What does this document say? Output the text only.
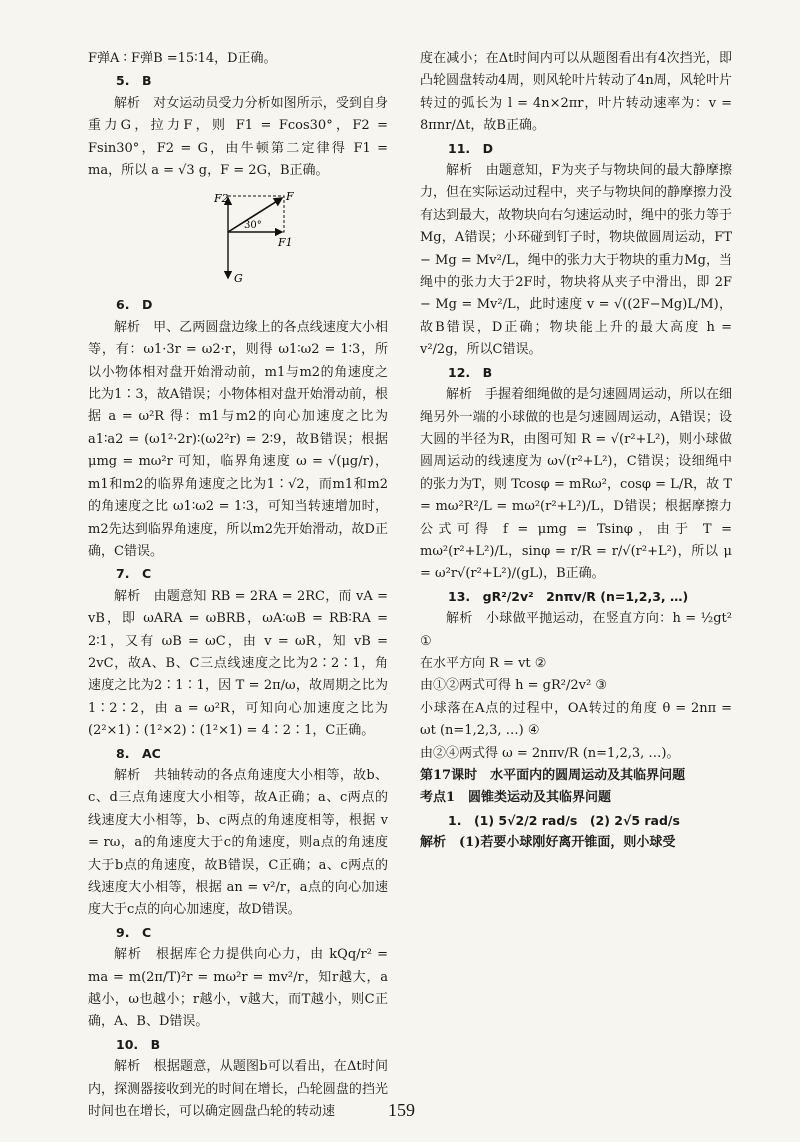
F弹A ∶ F弹B =15∶14，D正确。

5.　B

解析　对女运动员受力分析如图所示，受到自身重力G，拉力F，则 F1 = Fcos30°，F2 = Fsin30°，F2 = G，由牛顿第二定律得 F1 = ma，所以 a = √3 g，F = 2G，B正确。

F2	F
F1
G
30°

6.　D

解析　甲、乙两圆盘边缘上的各点线速度大小相等，有：ω1·3r = ω2·r，则得 ω1∶ω2 = 1∶3，所以小物体相对盘开始滑动前，m1与m2的角速度之比为1∶3，故A错误；小物体相对盘开始滑动前，根据 a = ω²R 得：m1与m2的向心加速度之比为 a1∶a2 = (ω1²·2r)∶(ω2²r) = 2∶9，故B错误；根据 μmg = mω²r 可知，临界角速度 ω = √(μg/r)，m1和m2的临界角速度之比为1∶√2，而m1和m2的角速度之比 ω1∶ω2 = 1∶3，可知当转速增加时，m2先达到临界角速度，所以m2先开始滑动，故D正确，C错误。

7.　C

解析　由题意知 RB = 2RA = 2RC，而 vA = vB，即 ωARA = ωBRB，ωA∶ωB = RB∶RA = 2∶1，又有 ωB = ωC，由 v = ωR，知 vB = 2vC，故A、B、C三点线速度之比为2∶2∶1，角速度之比为2∶1∶1，因 T = 2π/ω，故周期之比为1∶2∶2，由 a = ω²R，可知向心加速度之比为(2²×1)∶(1²×2)∶(1²×1) = 4∶2∶1，C正确。

8.　AC

解析　共轴转动的各点角速度大小相等，故b、c、d三点角速度大小相等，故A正确；a、c两点的线速度大小相等，b、c两点的角速度相等，根据 v = rω，a的角速度大于c的角速度，则a点的角速度大于b点的角速度，故B错误，C正确；a、c两点的线速度大小相等，根据 an = v²/r，a点的向心加速度大于c点的向心加速度，故D错误。

9.　C

解析　根据库仑力提供向心力，由 kQq/r² = ma = m(2π/T)²r = mω²r = mv²/r，知r越大，a越小，ω也越小；r越小，v越大，而T越小，则C正确，A、B、D错误。

10.　B

解析　根据题意，从题图b可以看出，在Δt时间内，探测器接收到光的时间在增长，凸轮圆盘的挡光时间也在增长，可以确定圆盘凸轮的转动速

度在减小；在Δt时间内可以从题图看出有4次挡光，即凸轮圆盘转动4周，则风轮叶片转动了4n周，风轮叶片转过的弧长为 l = 4n×2πr，叶片转动速率为：v = 8πnr/Δt，故B正确。

11.　D

解析　由题意知，F为夹子与物块间的最大静摩擦力，但在实际运动过程中，夹子与物块间的静摩擦力没有达到最大，故物块向右匀速运动时，绳中的张力等于Mg，A错误；小环碰到钉子时，物块做圆周运动，FT − Mg = Mv²/L，绳中的张力大于物块的重力Mg，当绳中的张力大于2F时，物块将从夹子中滑出，即 2F − Mg = Mv²/L，此时速度 v = √((2F−Mg)L/M)，故B错误，D正确；物块能上升的最大高度 h = v²/2g，所以C错误。

12.　B

解析　手握着细绳做的是匀速圆周运动，所以在细绳另外一端的小球做的也是匀速圆周运动，A错误；设大圆的半径为R，由图可知 R = √(r²+L²)，则小球做圆周运动的线速度为 ω√(r²+L²)，C错误；设细绳中的张力为T，则 Tcosφ = mRω²，cosφ = L/R，故 T = mω²R²/L = mω²(r²+L²)/L，D错误；根据摩擦力公式可得 f = μmg = Tsinφ，由于 T = mω²(r²+L²)/L，sinφ = r/R = r/√(r²+L²)，所以 μ = ω²r√(r²+L²)/(gL)，B正确。

13.　gR²/2v²　2nπv/R (n=1,2,3, …)

解析　小球做平抛运动，在竖直方向：h = ½gt² ①

在水平方向 R = vt ②

由①②两式可得 h = gR²/2v² ③

小球落在A点的过程中，OA转过的角度 θ = 2nπ = ωt (n=1,2,3, …) ④

由②④两式得 ω = 2nπv/R (n=1,2,3, …)。

第17课时　水平面内的圆周运动及其临界问题

考点1　圆锥类运动及其临界问题

1.　(1) 5√2/2 rad/s　(2) 2√5 rad/s

解析　(1)若要小球刚好离开锥面，则小球受

159
